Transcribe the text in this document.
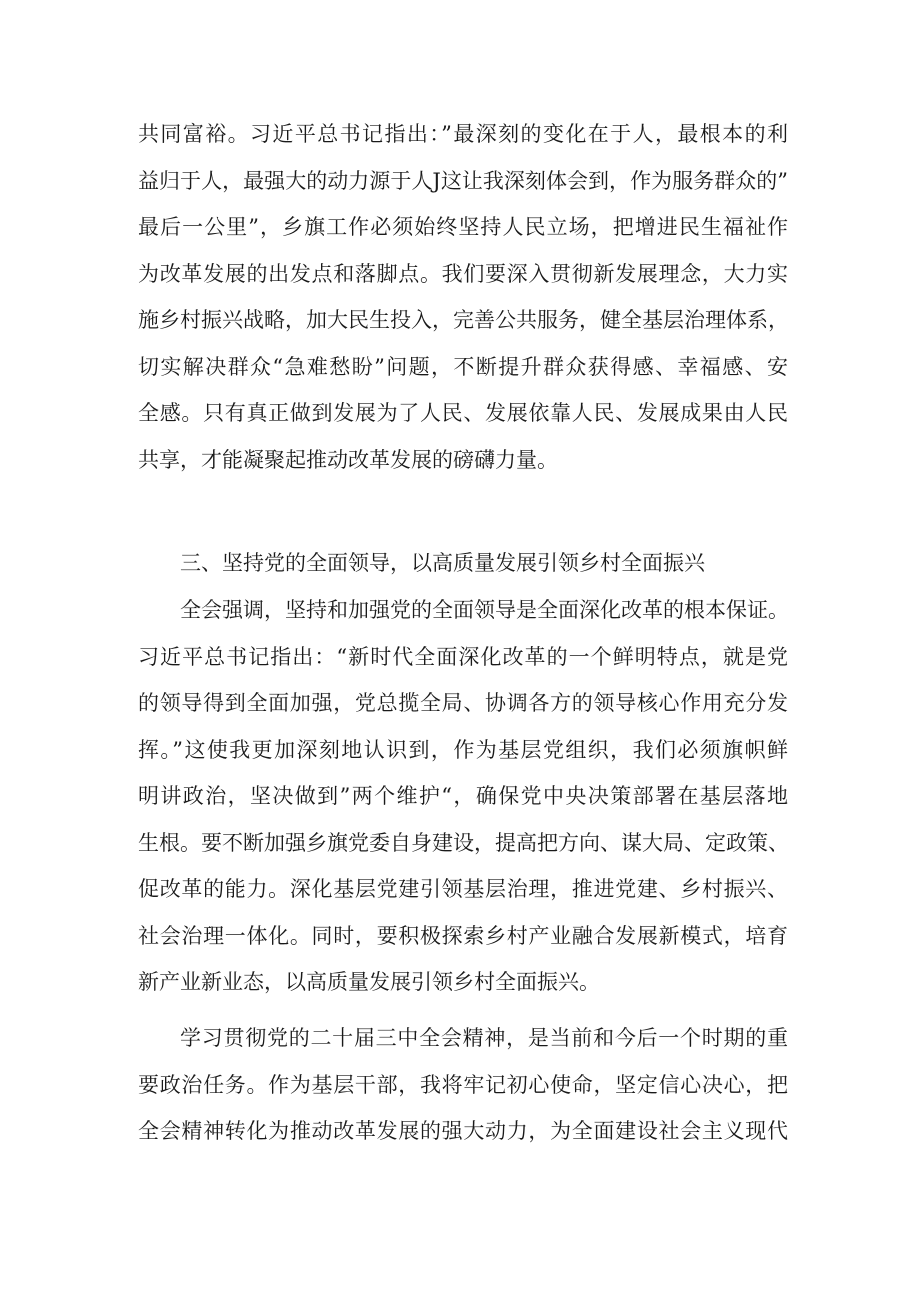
共同富裕。习近平总书记指出：”最深刻的变化在于人，最根本的利
益归于人，最强大的动力源于人J这让我深刻体会到，作为服务群众的”
最后一公里”，乡旗工作必须始终坚持人民立场，把增进民生福祉作
为改革发展的出发点和落脚点。我们要深入贯彻新发展理念，大力实
施乡村振兴战略，加大民生投入，完善公共服务，健全基层治理体系，
切实解决群众“急难愁盼”问题，不断提升群众获得感、幸福感、安
全感。只有真正做到发展为了人民、发展依靠人民、发展成果由人民
共享，才能凝聚起推动改革发展的磅礴力量。
三、坚持党的全面领导，以高质量发展引领乡村全面振兴
全会强调，坚持和加强党的全面领导是全面深化改革的根本保证。
习近平总书记指出：“新时代全面深化改革的一个鲜明特点，就是党
的领导得到全面加强，党总揽全局、协调各方的领导核心作用充分发
挥。”这使我更加深刻地认识到，作为基层党组织，我们必须旗帜鲜
明讲政治，坚决做到”两个维护“，确保党中央决策部署在基层落地
生根。要不断加强乡旗党委自身建设，提高把方向、谋大局、定政策、
促改革的能力。深化基层党建引领基层治理，推进党建、乡村振兴、
社会治理一体化。同时，要积极探索乡村产业融合发展新模式，培育
新产业新业态，以高质量发展引领乡村全面振兴。
学习贯彻党的二十届三中全会精神，是当前和今后一个时期的重
要政治任务。作为基层干部，我将牢记初心使命，坚定信心决心，把
全会精神转化为推动改革发展的强大动力，为全面建设社会主义现代
